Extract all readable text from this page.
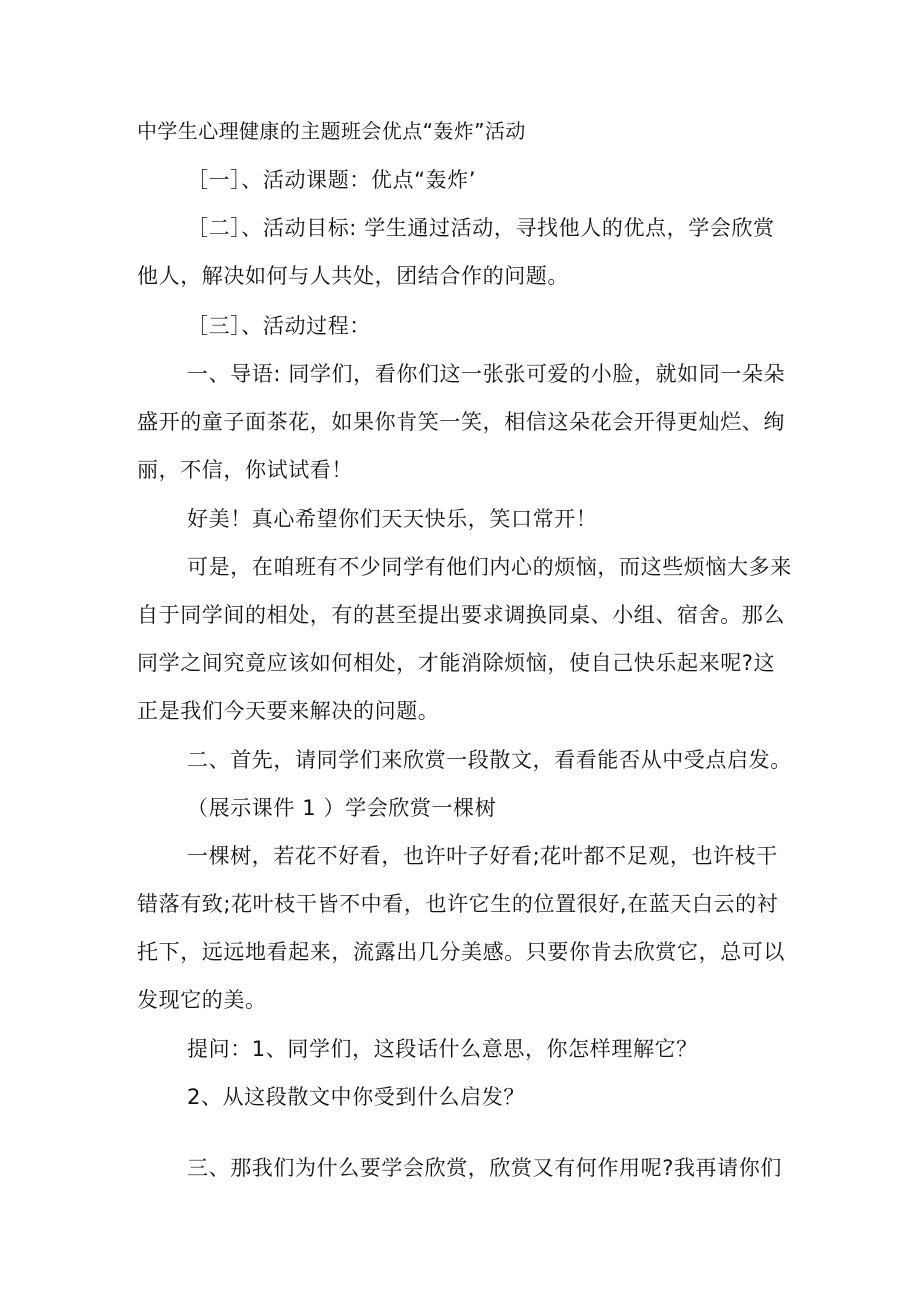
中学生心理健康的主题班会优点“轰炸”活动
［一］、活动课题：优点“轰炸’
［二］、活动目标: 学生通过活动，寻找他人的优点，学会欣赏
他人，解决如何与人共处，团结合作的问题。
［三］、活动过程：
一、导语: 同学们，看你们这一张张可爱的小脸，就如同一朵朵
盛开的童子面茶花，如果你肯笑一笑，相信这朵花会开得更灿烂、绚
丽，不信，你试试看！
好美！真心希望你们天天快乐，笑口常开！
可是，在咱班有不少同学有他们内心的烦恼，而这些烦恼大多来
自于同学间的相处，有的甚至提出要求调换同桌、小组、宿舍。那么
同学之间究竟应该如何相处，才能消除烦恼，使自己快乐起来呢?这
正是我们今天要来解决的问题。
二、首先，请同学们来欣赏一段散文，看看能否从中受点启发。
（展示课件 1 ）学会欣赏一棵树
一棵树，若花不好看，也许叶子好看;花叶都不足观，也许枝干
错落有致;花叶枝干皆不中看，也许它生的位置很好,在蓝天白云的衬
托下，远远地看起来，流露出几分美感。只要你肯去欣赏它，总可以
发现它的美。
提问：1、同学们，这段话什么意思，你怎样理解它？
2、从这段散文中你受到什么启发？
三、那我们为什么要学会欣赏，欣赏又有何作用呢?我再请你们
